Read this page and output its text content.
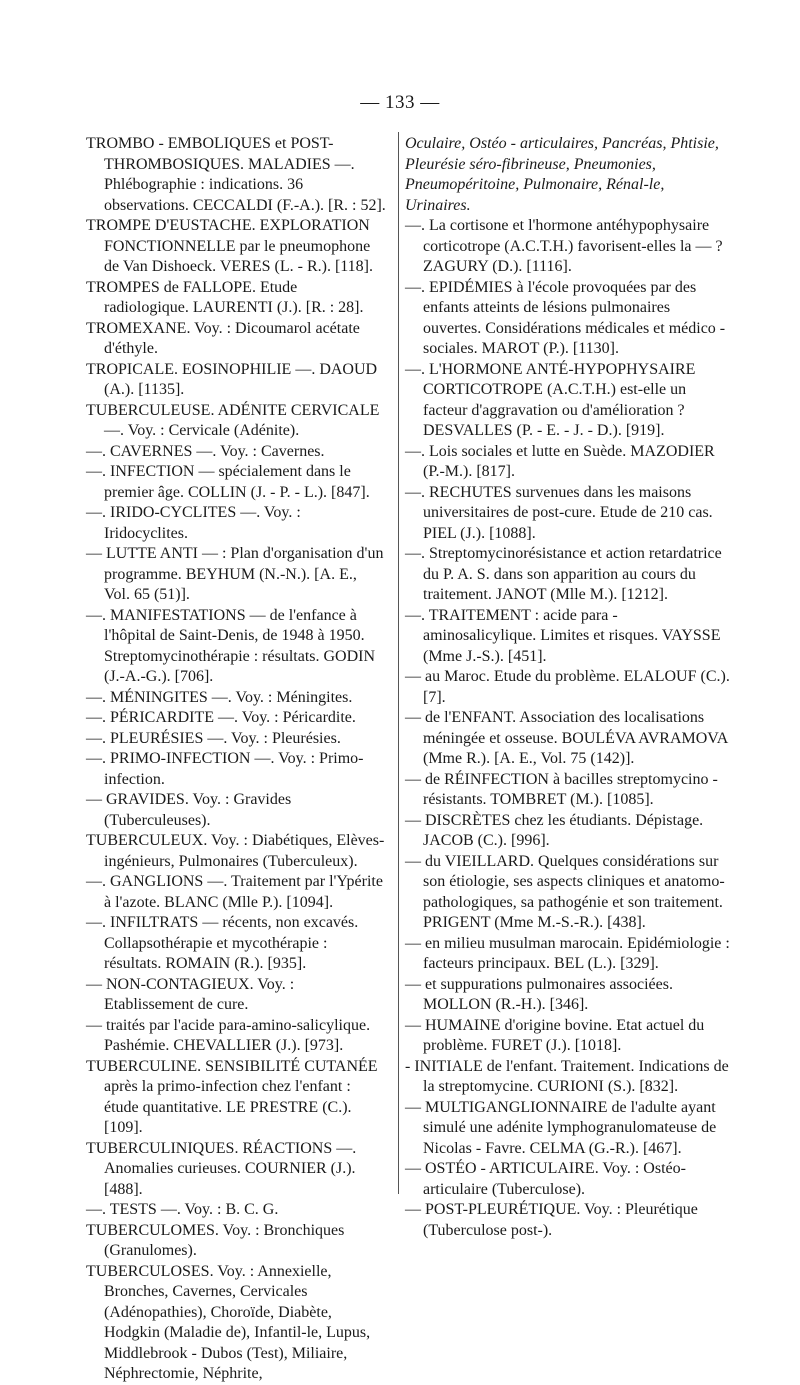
— 133 —

TROMBO - EMBOLIQUES et POST-THROMBOSIQUES. MALADIES —. Phlébographie : indications. 36 observations. CECCALDI (F.-A.). [R. : 52].

TROMPE D'EUSTACHE. EXPLORATION FONCTIONNELLE par le pneumophone de Van Dishoeck. VERES (L. - R.). [118].

TROMPES de FALLOPE. Etude radiologique. LAURENTI (J.). [R. : 28].

TROMEXANE. Voy. : Dicoumarol acétate d'éthyle.

TROPICALE. EOSINOPHILIE —. DAOUD (A.). [1135].

TUBERCULEUSE. ADÉNITE CERVICALE —. Voy. : Cervicale (Adénite).

—. CAVERNES —. Voy. : Cavernes.

—. INFECTION — spécialement dans le premier âge. COLLIN (J. - P. - L.). [847].

—. IRIDO-CYCLITES —. Voy. : Iridocyclites.

— LUTTE ANTI — : Plan d'organisation d'un programme. BEYHUM (N.-N.). [A. E., Vol. 65 (51)].

—. MANIFESTATIONS — de l'enfance à l'hôpital de Saint-Denis, de 1948 à 1950. Streptomycinothérapie : résultats. GODIN (J.-A.-G.). [706].

—. MÉNINGITES —. Voy. : Méningites.

—. PÉRICARDITE —. Voy. : Péricardite.

—. PLEURÉSIES —. Voy. : Pleurésies.

—. PRIMO-INFECTION —. Voy. : Primo-infection.

— GRAVIDES. Voy. : Gravides (Tuberculeuses).

TUBERCULEUX. Voy. : Diabétiques, Elèves-ingénieurs, Pulmonaires (Tuberculeux).

—. GANGLIONS —. Traitement par l'Ypérite à l'azote. BLANC (Mlle P.). [1094].

—. INFILTRATS — récents, non excavés. Collapsothérapie et mycothérapie : résultats. ROMAIN (R.). [935].

— NON-CONTAGIEUX. Voy. : Etablissement de cure.

— traités par l'acide para-amino-salicylique. Pashémie. CHEVALLIER (J.). [973].

TUBERCULINE. SENSIBILITÉ CUTANÉE après la primo-infection chez l'enfant : étude quantitative. LE PRESTRE (C.). [109].

TUBERCULINIQUES. RÉACTIONS —. Anomalies curieuses. COURNIER (J.). [488].

—. TESTS —. Voy. : B. C. G.

TUBERCULOMES. Voy. : Bronchiques (Granulomes).

TUBERCULOSES. Voy. : Annexielle, Bronches, Cavernes, Cervicales (Adénopathies), Choroïde, Diabète, Hodgkin (Maladie de), Infantil-le, Lupus, Middlebrook - Dubos (Test), Miliaire, Néphrectomie, Néphrite,

Oculaire, Ostéo - articulaires, Pancréas, Phtisie, Pleurésie séro-fibrineuse, Pneumonies, Pneumopéritoine, Pulmonaire, Rénal-le, Urinaires.

—. La cortisone et l'hormone antéhypophysaire corticotrope (A.C.T.H.) favorisent-elles la — ? ZAGURY (D.). [1116].

—. EPIDÉMIES à l'école provoquées par des enfants atteints de lésions pulmonaires ouvertes. Considérations médicales et médico - sociales. MAROT (P.). [1130].

—. L'HORMONE ANTÉ-HYPOPHYSAIRE CORTICOTROPE (A.C.T.H.) est-elle un facteur d'aggravation ou d'amélioration ? DESVALLES (P. - E. - J. - D.). [919].

—. Lois sociales et lutte en Suède. MAZODIER (P.-M.). [817].

—. RECHUTES survenues dans les maisons universitaires de post-cure. Etude de 210 cas. PIEL (J.). [1088].

—. Streptomycinorésistance et action retardatrice du P. A. S. dans son apparition au cours du traitement. JANOT (Mlle M.). [1212].

—. TRAITEMENT : acide para - aminosalicylique. Limites et risques. VAYSSE (Mme J.-S.). [451].

— au Maroc. Etude du problème. ELALOUF (C.). [7].

— de l'ENFANT. Association des localisations méningée et osseuse. BOULÉVA AVRAMOVA (Mme R.). [A. E., Vol. 75 (142)].

— de RÉINFECTION à bacilles streptomycino - résistants. TOMBRET (M.). [1085].

— DISCRÈTES chez les étudiants. Dépistage. JACOB (C.). [996].

— du VIEILLARD. Quelques considérations sur son étiologie, ses aspects cliniques et anatomo-pathologiques, sa pathogénie et son traitement. PRIGENT (Mme M.-S.-R.). [438].

— en milieu musulman marocain. Epidémiologie : facteurs principaux. BEL (L.). [329].

— et suppurations pulmonaires associées. MOLLON (R.-H.). [346].

— HUMAINE d'origine bovine. Etat actuel du problème. FURET (J.). [1018].

- INITIALE de l'enfant. Traitement. Indications de la streptomycine. CURIONI (S.). [832].

— MULTIGANGLIONNAIRE de l'adulte ayant simulé une adénite lymphogranulomateuse de Nicolas - Favre. CELMA (G.-R.). [467].

— OSTÉO - ARTICULAIRE. Voy. : Ostéo-articulaire (Tuberculose).

— POST-PLEURÉTIQUE. Voy. : Pleurétique (Tuberculose post-).
